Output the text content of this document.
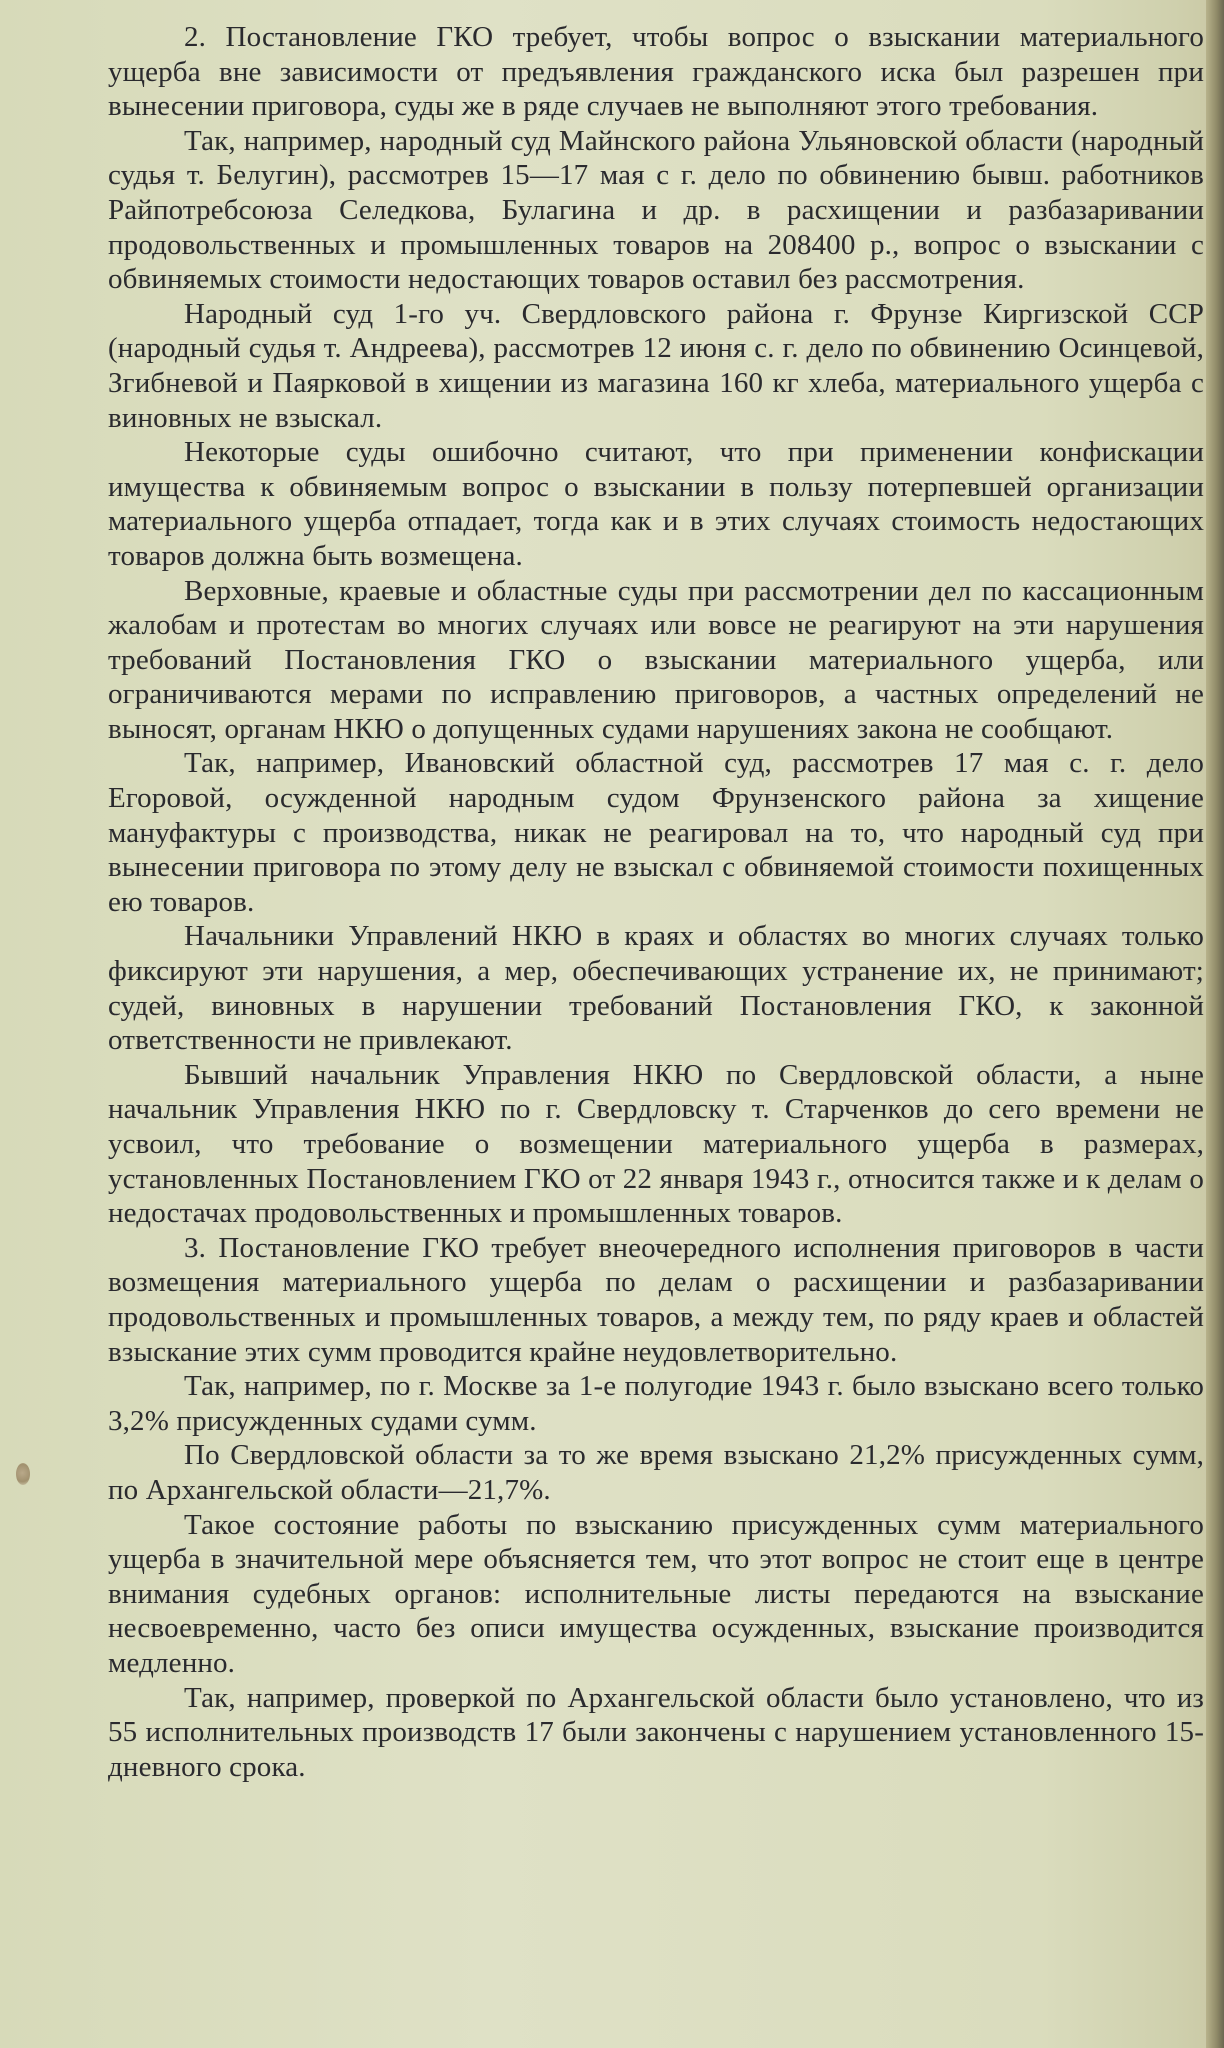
2. Постановление ГКО требует, чтобы вопрос о взыскании материального ущерба вне зависимости от предъявления гражданского иска был разрешен при вынесении приговора, суды же в ряде случаев не выполняют этого требования.

Так, например, народный суд Майнского района Ульяновской области (народный судья т. Белугин), рассмотрев 15—17 мая с г. дело по обвинению бывш. работников Райпотребсоюза Селедкова, Булагина и др. в расхищении и разбазаривании продовольственных и промышленных товаров на 208400 р., вопрос о взыскании с обвиняемых стоимости недостающих товаров оставил без рассмотрения.

Народный суд 1-го уч. Свердловского района г. Фрунзе Киргизской ССР (народный судья т. Андреева), рассмотрев 12 июня с. г. дело по обвинению Осинцевой, Згибневой и Паярковой в хищении из магазина 160 кг хлеба, материального ущерба с виновных не взыскал.

Некоторые суды ошибочно считают, что при применении конфискации имущества к обвиняемым вопрос о взыскании в пользу потерпевшей организации материального ущерба отпадает, тогда как и в этих случаях стоимость недостающих товаров должна быть возмещена.

Верховные, краевые и областные суды при рассмотрении дел по кассационным жалобам и протестам во многих случаях или вовсе не реагируют на эти нарушения требований Постановления ГКО о взыскании материального ущерба, или ограничиваются мерами по исправлению приговоров, а частных определений не выносят, органам НКЮ о допущенных судами нарушениях закона не сообщают.

Так, например, Ивановский областной суд, рассмотрев 17 мая с. г. дело Егоровой, осужденной народным судом Фрунзенского района за хищение мануфактуры с производства, никак не реагировал на то, что народный суд при вынесении приговора по этому делу не взыскал с обвиняемой стоимости похищенных ею товаров.

Начальники Управлений НКЮ в краях и областях во многих случаях только фиксируют эти нарушения, а мер, обеспечивающих устранение их, не принимают; судей, виновных в нарушении требований Постановления ГКО, к законной ответственности не привлекают.

Бывший начальник Управления НКЮ по Свердловской области, а ныне начальник Управления НКЮ по г. Свердловску т. Старченков до сего времени не усвоил, что требование о возмещении материального ущерба в размерах, установленных Постановлением ГКО от 22 января 1943 г., относится также и к делам о недостачах продовольственных и промышленных товаров.

3. Постановление ГКО требует внеочередного исполнения приговоров в части возмещения материального ущерба по делам о расхищении и разбазаривании продовольственных и промышленных товаров, а между тем, по ряду краев и областей взыскание этих сумм проводится крайне неудовлетворительно.

Так, например, по г. Москве за 1-е полугодие 1943 г. было взыскано всего только 3,2% присужденных судами сумм.

По Свердловской области за то же время взыскано 21,2% присужденных сумм, по Архангельской области—21,7%.

Такое состояние работы по взысканию присужденных сумм материального ущерба в значительной мере объясняется тем, что этот вопрос не стоит еще в центре внимания судебных органов: исполнительные листы передаются на взыскание несвоевременно, часто без описи имущества осужденных, взыскание производится медленно.

Так, например, проверкой по Архангельской области было установлено, что из 55 исполнительных производств 17 были закончены с нарушением установленного 15-дневного срока.
